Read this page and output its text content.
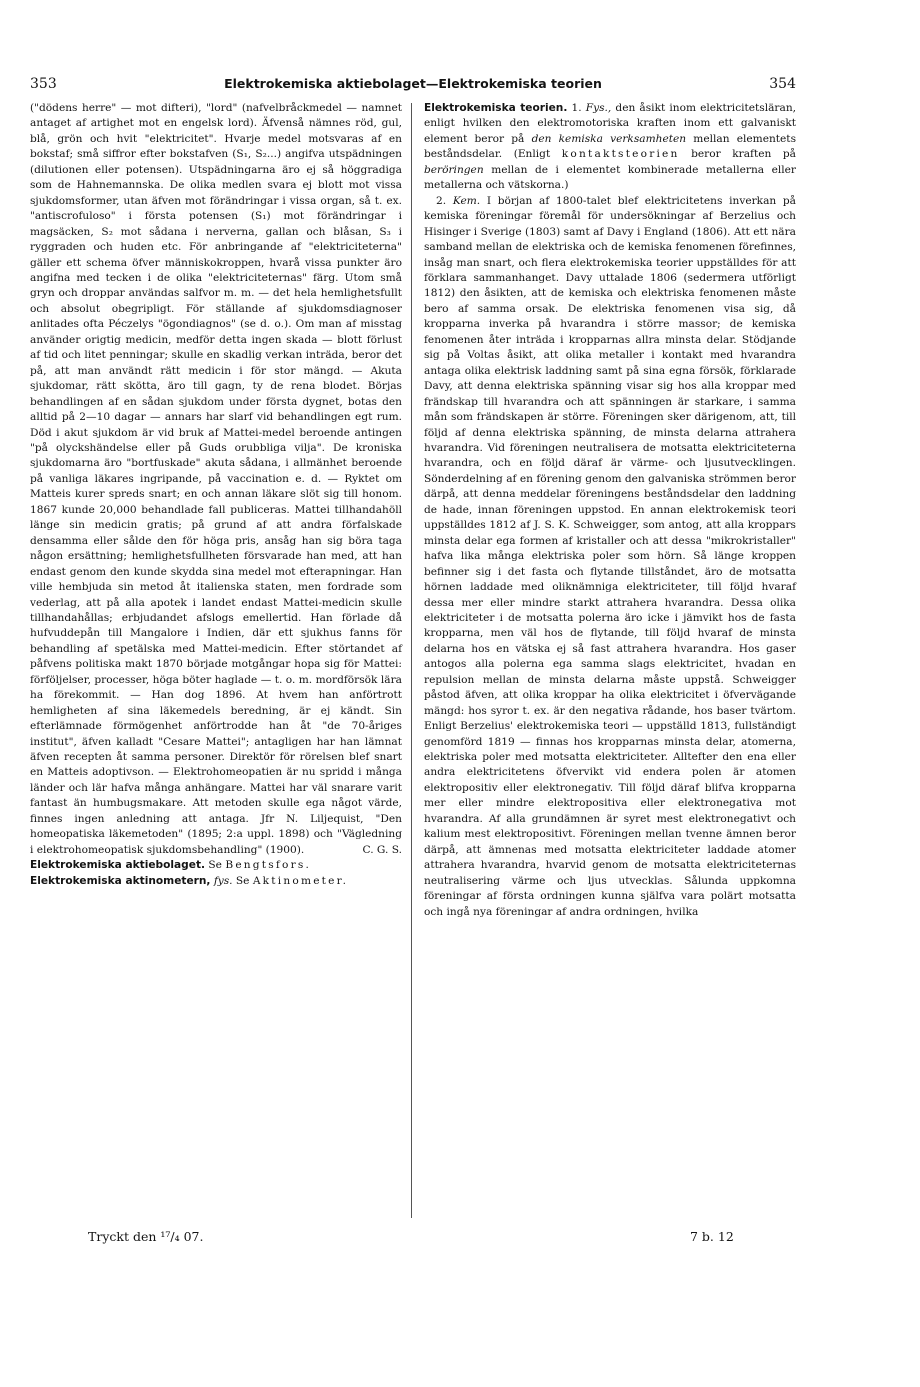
353	Elektrokemiska aktiebolaget—Elektrokemiska teorien	354

("dödens herre" — mot difteri), "lord" (nafvelbråckmedel — namnet antaget af artighet mot en engelsk lord). Äfvenså nämnes röd, gul, blå, grön och hvit "elektricitet". Hvarje medel motsvaras af en bokstaf; små siffror efter bokstafven (S₁, S₂...) angifva utspädningen (dilutionen eller potensen). Utspädningarna äro ej så höggradiga som de Hahnemannska. De olika medlen svara ej blott mot vissa sjukdomsformer, utan äfven mot förändringar i vissa organ, så t. ex. "antiscrofuloso" i första potensen (S₁) mot förändringar i magsäcken, S₂ mot sådana i nerverna, gallan och blåsan, S₃ i ryggraden och huden etc. För anbringande af "elektriciteterna" gäller ett schema öfver människokroppen, hvarå vissa punkter äro angifna med tecken i de olika "elektriciteternas" färg. Utom små gryn och droppar användas salfvor m. m. — det hela hemlighetsfullt och absolut obegripligt. För ställande af sjukdomsdiagnoser anlitades ofta Péczelys "ögondiagnos" (se d. o.). Om man af misstag använder origtig medicin, medför detta ingen skada — blott förlust af tid och litet penningar; skulle en skadlig verkan inträda, beror det på, att man användt rätt medicin i för stor mängd. — Akuta sjukdomar, rätt skötta, äro till gagn, ty de rena blodet. Börjas behandlingen af en sådan sjukdom under första dygnet, botas den alltid på 2—10 dagar — annars har slarf vid behandlingen egt rum. Död i akut sjukdom är vid bruk af Mattei-medel beroende antingen "på olyckshändelse eller på Guds orubbliga vilja". De kroniska sjukdomarna äro "bortfuskade" akuta sådana, i allmänhet beroende på vanliga läkares ingripande, på vaccination e. d. — Ryktet om Matteis kurer spreds snart; en och annan läkare slöt sig till honom. 1867 kunde 20,000 behandlade fall publiceras. Mattei tillhandahöll länge sin medicin gratis; på grund af att andra förfalskade densamma eller sålde den för höga pris, ansåg han sig böra taga någon ersättning; hemlighetsfullheten försvarade han med, att han endast genom den kunde skydda sina medel mot efterapningar. Han ville hembjuda sin metod åt italienska staten, men fordrade som vederlag, att på alla apotek i landet endast Mattei-medicin skulle tillhandahållas; erbjudandet afslogs emellertid. Han förlade då hufvuddepån till Mangalore i Indien, där ett sjukhus fanns för behandling af spetälska med Mattei-medicin. Efter störtandet af påfvens politiska makt 1870 började motgångar hopa sig för Mattei: förföljelser, processer, höga böter haglade — t. o. m. mordförsök lära ha förekommit. — Han dog 1896. At hvem han anförtrott hemligheten af sina läkemedels beredning, är ej kändt. Sin efterlämnade förmögenhet anförtrodde han åt "de 70-åriges institut", äfven kalladt "Cesare Mattei"; antagligen har han lämnat äfven recepten åt samma personer. Direktör för rörelsen blef snart en Matteis adoptivson. — Elektrohomeopatien är nu spridd i många länder och lär hafva många anhängare. Mattei har väl snarare varit fantast än humbugsmakare. Att metoden skulle ega något värde, finnes ingen anledning att antaga. Jfr N. Liljequist, "Den homeopatiska läkemetoden" (1895; 2:a uppl. 1898) och "Vägledning i elektrohomeopatisk sjukdomsbehandling" (1900).	C. G. S.

Elektrokemiska aktiebolaget. Se Bengtsfors.

Elektrokemiska aktinometern, fys. Se Aktinometer.

Elektrokemiska teorien. 1. Fys., den åsikt inom elektricitetsläran, enligt hvilken den elektromotoriska kraften inom ett galvaniskt element beror på den kemiska verksamheten mellan elementets beståndsdelar. (Enligt kontaktsteorien beror kraften på beröringen mellan de i elementet kombinerade metallerna eller metallerna och vätskorna.)

2. Kem. I början af 1800-talet blef elektricitetens inverkan på kemiska föreningar föremål för undersökningar af Berzelius och Hisinger i Sverige (1803) samt af Davy i England (1806). Att ett nära samband mellan de elektriska och de kemiska fenomenen förefinnes, insåg man snart, och flera elektrokemiska teorier uppställdes för att förklara sammanhanget. Davy uttalade 1806 (sedermera utförligt 1812) den åsikten, att de kemiska och elektriska fenomenen måste bero af samma orsak. De elektriska fenomenen visa sig, då kropparna inverka på hvarandra i större massor; de kemiska fenomenen åter inträda i kropparnas allra minsta delar. Stödjande sig på Voltas åsikt, att olika metaller i kontakt med hvarandra antaga olika elektrisk laddning samt på sina egna försök, förklarade Davy, att denna elektriska spänning visar sig hos alla kroppar med frändskap till hvarandra och att spänningen är starkare, i samma mån som frändskapen är större. Föreningen sker därigenom, att, till följd af denna elektriska spänning, de minsta delarna attrahera hvarandra. Vid föreningen neutralisera de motsatta elektriciteterna hvarandra, och en följd däraf är värme- och ljusutvecklingen. Sönderdelning af en förening genom den galvaniska strömmen beror därpå, att denna meddelar föreningens beståndsdelar den laddning de hade, innan föreningen uppstod. En annan elektrokemisk teori uppställdes 1812 af J. S. K. Schweigger, som antog, att alla kroppars minsta delar ega formen af kristaller och att dessa "mikrokristaller" hafva lika många elektriska poler som hörn. Så länge kroppen befinner sig i det fasta och flytande tillståndet, äro de motsatta hörnen laddade med oliknämniga elektriciteter, till följd hvaraf dessa mer eller mindre starkt attrahera hvarandra. Dessa olika elektriciteter i de motsatta polerna äro icke i jämvikt hos de fasta kropparna, men väl hos de flytande, till följd hvaraf de minsta delarna hos en vätska ej så fast attrahera hvarandra. Hos gaser antogos alla polerna ega samma slags elektricitet, hvadan en repulsion mellan de minsta delarna måste uppstå. Schweigger påstod äfven, att olika kroppar ha olika elektricitet i öfvervägande mängd: hos syror t. ex. är den negativa rådande, hos baser tvärtom. Enligt Berzelius' elektrokemiska teori — uppställd 1813, fullständigt genomförd 1819 — finnas hos kropparnas minsta delar, atomerna, elektriska poler med motsatta elektriciteter. Alltefter den ena eller andra elektricitetens öfvervikt vid endera polen är atomen elektropositiv eller elektronegativ. Till följd däraf blifva kropparna mer eller mindre elektropositiva eller elektronegativa mot hvarandra. Af alla grundämnen är syret mest elektronegativt och kalium mest elektropositivt. Föreningen mellan tvenne ämnen beror därpå, att ämnenas med motsatta elektriciteter laddade atomer attrahera hvarandra, hvarvid genom de motsatta elektriciteternas neutralisering värme och ljus utvecklas. Sålunda uppkomna föreningar af första ordningen kunna själfva vara polärt motsatta och ingå nya föreningar af andra ordningen, hvilka

Tryckt den ¹⁷/₄ 07.	7 b. 12
